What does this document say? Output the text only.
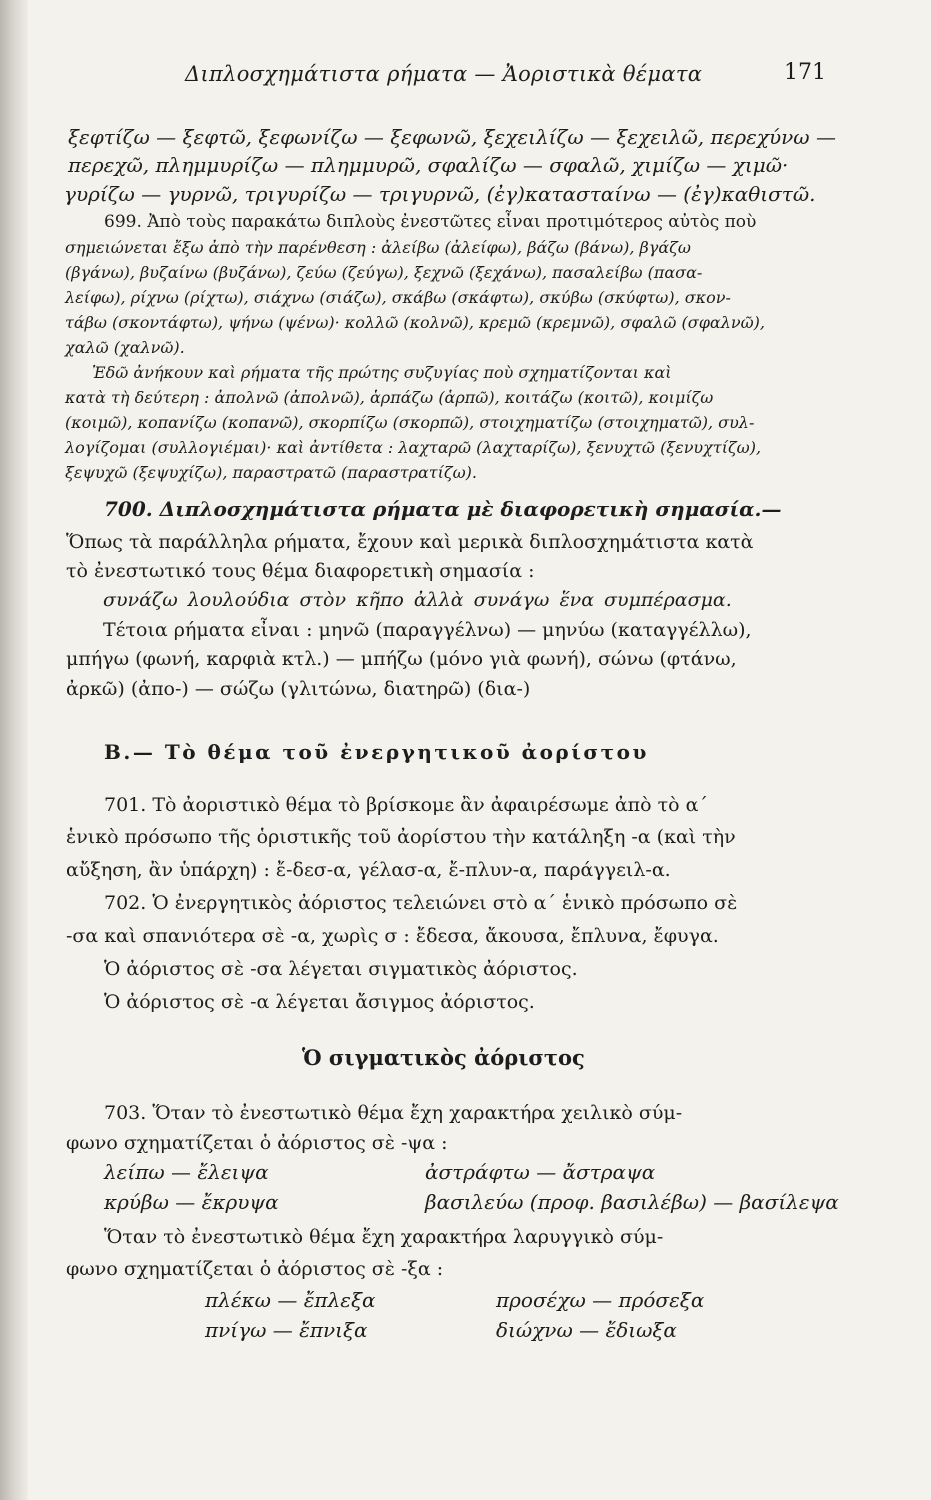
Διπλοσχημάτιστα ρήματα — Ἀοριστικὰ θέματα	171
ξεφτίζω — ξεφτῶ, ξεφωνίζω — ξεφωνῶ, ξεχειλίζω — ξεχειλῶ, περεχύνω —
περεχῶ, πλημμυρίζω — πλημμυρῶ, σφαλίζω — σφαλῶ, χιμίζω — χιμῶ·
γυρίζω — γυρνῶ, τριγυρίζω — τριγυρνῶ, (ἐγ)κατασταίνω — (ἐγ)καθιστῶ.
699. Ἀπὸ τοὺς παρακάτω διπλοὺς ἐνεστῶτες εἶναι προτιμότερος αὐτὸς ποὺ
σημειώνεται ἔξω ἀπὸ τὴν παρένθεση : ἀλείβω (ἀλείφω), βάζω (βάνω), βγάζω
(βγάνω), βυζαίνω (βυζάνω), ζεύω (ζεύγω), ξεχνῶ (ξεχάνω), πασαλείβω (πασα-
λείφω), ρίχνω (ρίχτω), σιάχνω (σιάζω), σκάβω (σκάφτω), σκύβω (σκύφτω), σκον-
τάβω (σκοντάφτω), ψήνω (ψένω)· κολλῶ (κολνῶ), κρεμῶ (κρεμνῶ), σφαλῶ (σφαλνῶ),
χαλῶ (χαλνῶ).
Ἐδῶ ἀνήκουν καὶ ρήματα τῆς πρώτης συζυγίας ποὺ σχηματίζονται καὶ
κατὰ τὴ δεύτερη : ἀπολνῶ (ἀπολνῶ), ἁρπάζω (ἁρπῶ), κοιτάζω (κοιτῶ), κοιμίζω
(κοιμῶ), κοπανίζω (κοπανῶ), σκορπίζω (σκορπῶ), στοιχηματίζω (στοιχηματῶ), συλ-
λογίζομαι (συλλογιέμαι)· καὶ ἀντίθετα : λαχταρῶ (λαχταρίζω), ξενυχτῶ (ξενυχτίζω),
ξεψυχῶ (ξεψυχίζω), παραστρατῶ (παραστρατίζω).
700. Διπλοσχημάτιστα ρήματα μὲ διαφορετικὴ σημασία.—
Ὅπως τὰ παράλληλα ρήματα, ἔχουν καὶ μερικὰ διπλοσχημάτιστα κατὰ
τὸ ἐνεστωτικό τους θέμα διαφορετικὴ σημασία :
συνάζω λουλούδια στὸν κῆπο ἀλλὰ συνάγω ἕνα συμπέρασμα.
Τέτοια ρήματα εἶναι : μηνῶ (παραγγέλνω) — μηνύω (καταγγέλλω),
μπήγω (φωνή, καρφιὰ κτλ.) — μπήζω (μόνο γιὰ φωνή), σώνω (φτάνω,
ἀρκῶ) (ἀπο-) — σώζω (γλιτώνω, διατηρῶ) (δια-)
Β.— Τὸ θέμα τοῦ ἐνεργητικοῦ ἀορίστου
701. Τὸ ἀοριστικὸ θέμα τὸ βρίσκομε ἂν ἀφαιρέσωμε ἀπὸ τὸ α´
ἑνικὸ πρόσωπο τῆς ὁριστικῆς τοῦ ἀορίστου τὴν κατάληξη -α (καὶ τὴν
αὔξηση, ἂν ὑπάρχη) : ἔ-δεσ-α, γέλασ-α, ἔ-πλυν-α, παράγγειλ-α.
702. Ὁ ἐνεργητικὸς ἀόριστος τελειώνει στὸ α´ ἑνικὸ πρόσωπο σὲ
-σα καὶ σπανιότερα σὲ -α, χωρὶς σ : ἔδεσα, ἄκουσα, ἔπλυνα, ἔφυγα.
Ὁ ἀόριστος σὲ -σα λέγεται σιγματικὸς ἀόριστος.
Ὁ ἀόριστος σὲ -α λέγεται ἄσιγμος ἀόριστος.
Ὁ σιγματικὸς ἀόριστος
703. Ὅταν τὸ ἐνεστωτικὸ θέμα ἔχη χαρακτήρα χειλικὸ σύμ-
φωνο σχηματίζεται ὁ ἀόριστος σὲ -ψα :
λείπω — ἔλειψα	ἀστράφτω — ἄστραψα
κρύβω — ἔκρυψα	βασιλεύω (προφ. βασιλέβω) — βασίλεψα
Ὅταν τὸ ἐνεστωτικὸ θέμα ἔχη χαρακτήρα λαρυγγικὸ σύμ-
φωνο σχηματίζεται ὁ ἀόριστος σὲ -ξα :
πλέκω — ἔπλεξα	προσέχω — πρόσεξα
πνίγω — ἔπνιξα	διώχνω — ἔδιωξα
